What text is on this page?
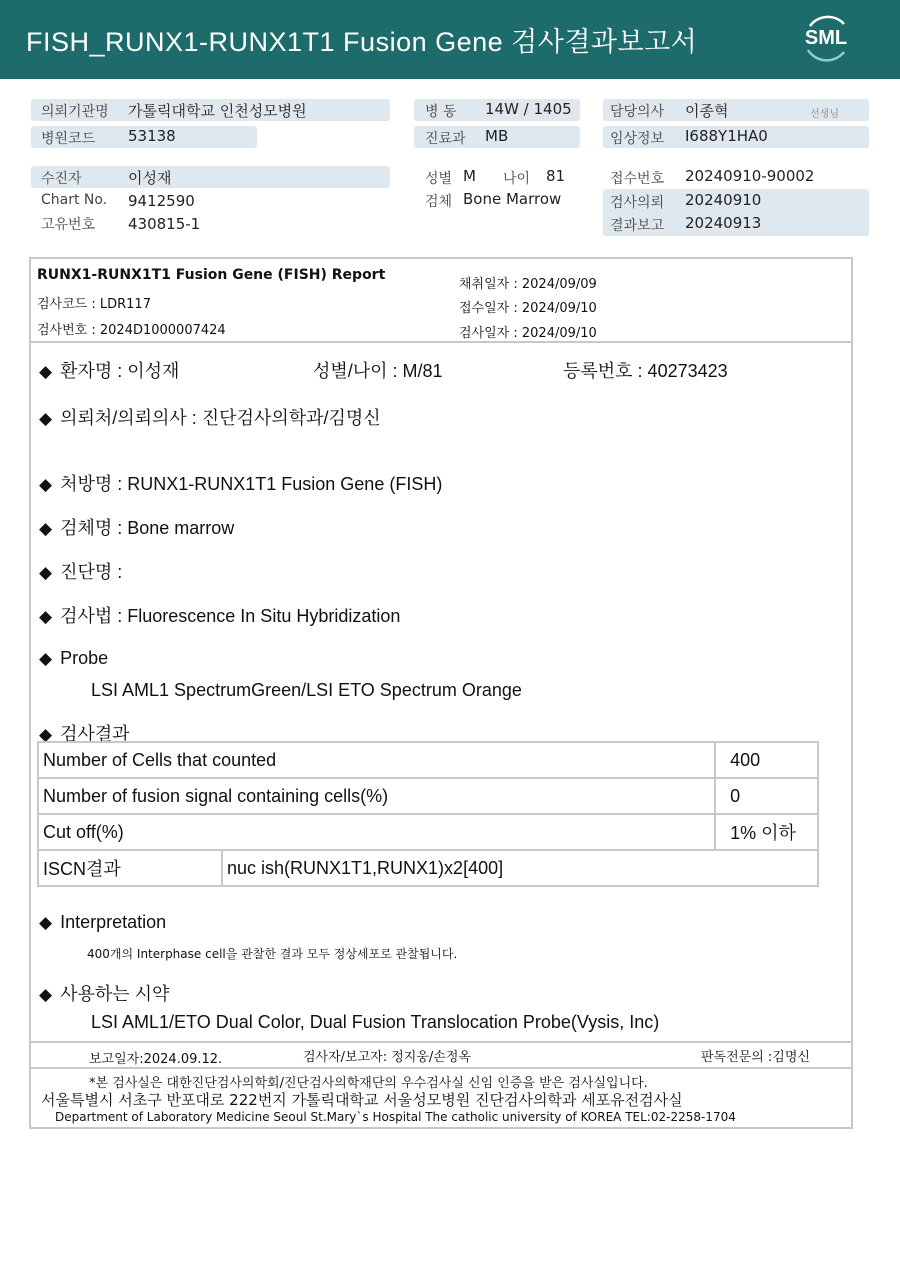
FISH_RUNX1-RUNX1T1 Fusion Gene 검사결과보고서	SML
의뢰기관명 가톨릭대학교 인천성모병원
병원코드 53138
병 동 14W / 1405
진료과 MB
담당의사 이종혁	선생님
임상정보 I688Y1HA0
수진자	이성재
Chart No. 9412590
고유번호 430815-1
성별 M 나이 81
검체 Bone Marrow
접수번호 20240910-90002
검사의뢰 20240910
결과보고 20240913
RUNX1-RUNX1T1 Fusion Gene (FISH) Report
검사코드 : LDR117
검사번호 : 2024D1000007424
채취일자 : 2024/09/09
접수일자 : 2024/09/10
검사일자 : 2024/09/10
◆ 환자명 : 이성재	성별/나이 : M/81	등록번호 : 40273423
◆ 의뢰처/의뢰의사 : 진단검사의학과/김명신
◆ 처방명 : RUNX1-RUNX1T1 Fusion Gene (FISH)
◆ 검체명 : Bone marrow
◆ 진단명 :
◆ 검사법 : Fluorescence In Situ Hybridization
◆ Probe
LSI AML1 SpectrumGreen/LSI ETO Spectrum Orange
◆ 검사결과
Number of Cells that counted		400
Number of fusion signal containing cells(%)		0
Cut off(%)		1% 이하
ISCN결과	nuc ish(RUNX1T1,RUNX1)x2[400]	
◆ Interpretation
400개의 Interphase cell을 관찰한 결과 모두 정상세포로 관찰됩니다.
◆ 사용하는 시약
LSI AML1/ETO Dual Color, Dual Fusion Translocation Probe(Vysis, Inc)
보고일자:2024.09.12.	검사자/보고자: 정지웅/손정옥	판독전문의 :김명신
*본 검사실은 대한진단검사의학회/진단검사의학재단의 우수검사실 신임 인증을 받은 검사실입니다.
서울특별시 서초구 반포대로 222번지 가톨릭대학교 서울성모병원 진단검사의학과 세포유전검사실
Department of Laboratory Medicine Seoul St.Mary`s Hospital The catholic university of KOREA TEL:02-2258-1704
